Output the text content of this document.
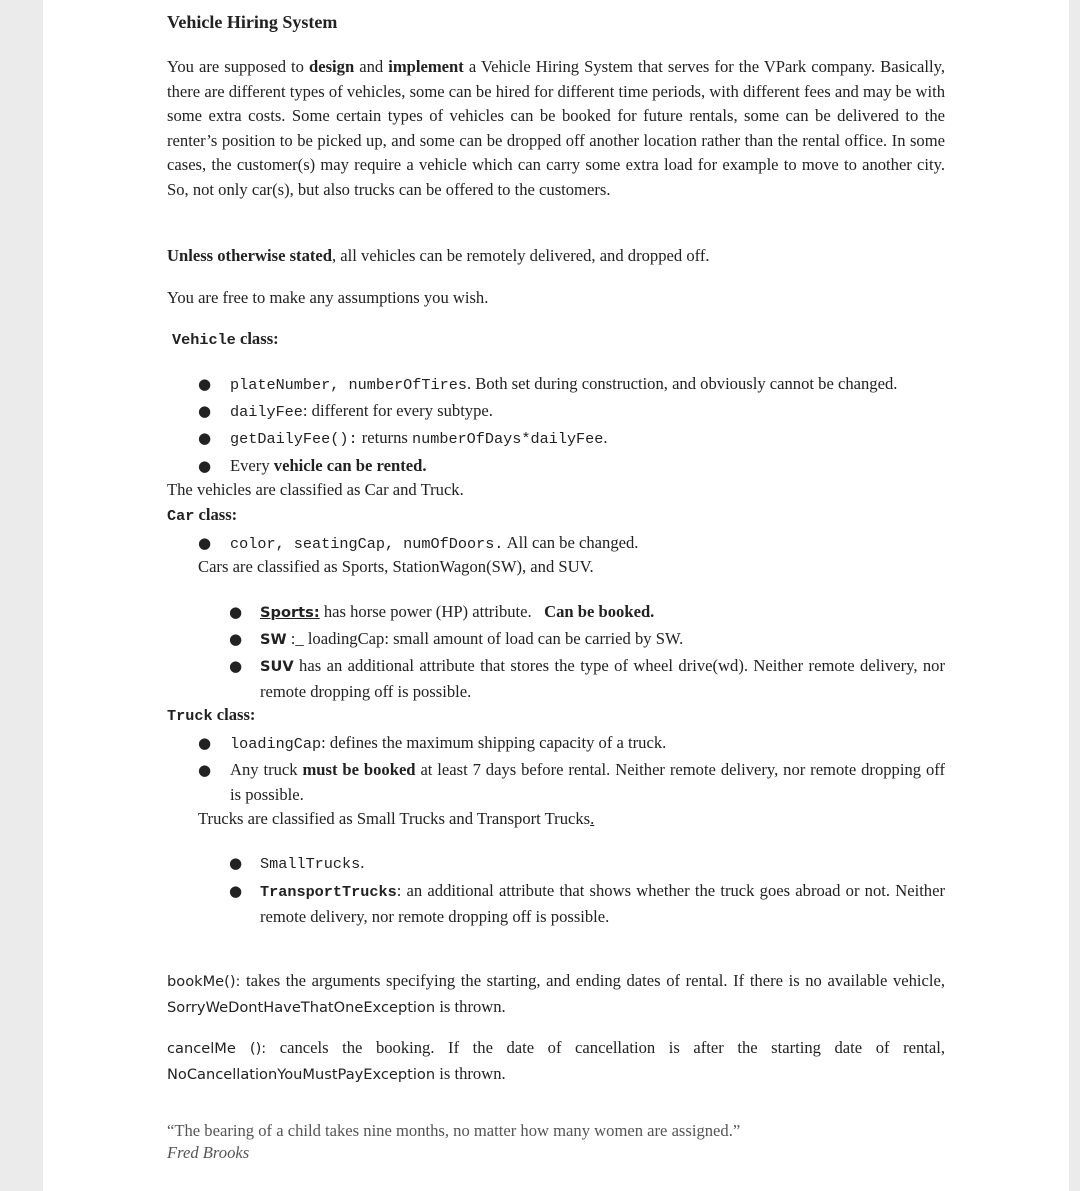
Vehicle Hiring System

You are supposed to design and implement a Vehicle Hiring System that serves for the VPark company. Basically, there are different types of vehicles, some can be hired for different time periods, with different fees and may be with some extra costs. Some certain types of vehicles can be booked for future rentals, some can be delivered to the renter’s position to be picked up, and some can be dropped off another location rather than the rental office. In some cases, the customer(s) may require a vehicle which can carry some extra load for example to move to another city. So, not only car(s), but also trucks can be offered to the customers.

Unless otherwise stated, all vehicles can be remotely delivered, and dropped off.

You are free to make any assumptions you wish.

Vehicle class:

● plateNumber, numberOfTires. Both set during construction, and obviously cannot be changed.

● dailyFee: different for every subtype.

● getDailyFee(): returns numberOfDays*dailyFee.

● Every vehicle can be rented.

The vehicles are classified as Car and Truck.

Car class:

● color, seatingCap, numOfDoors. All can be changed.

Cars are classified as Sports, StationWagon(SW), and SUV.

● Sports: has horse power (HP) attribute. Can be booked.

● SW :_ loadingCap: small amount of load can be carried by SW.

● SUV has an additional attribute that stores the type of wheel drive(wd). Neither remote delivery, nor remote dropping off is possible.

Truck class:

● loadingCap: defines the maximum shipping capacity of a truck.

● Any truck must be booked at least 7 days before rental. Neither remote delivery, nor remote dropping off is possible.

Trucks are classified as Small Trucks and Transport Trucks.

● SmallTrucks.

● TransportTrucks: an additional attribute that shows whether the truck goes abroad or not. Neither remote delivery, nor remote dropping off is possible.

bookMe(): takes the arguments specifying the starting, and ending dates of rental. If there is no available vehicle, SorryWeDontHaveThatOneException is thrown.

cancelMe (): cancels the booking. If the date of cancellation is after the starting date of rental, NoCancellationYouMustPayException is thrown.

“The bearing of a child takes nine months, no matter how many women are assigned.”

Fred Brooks
